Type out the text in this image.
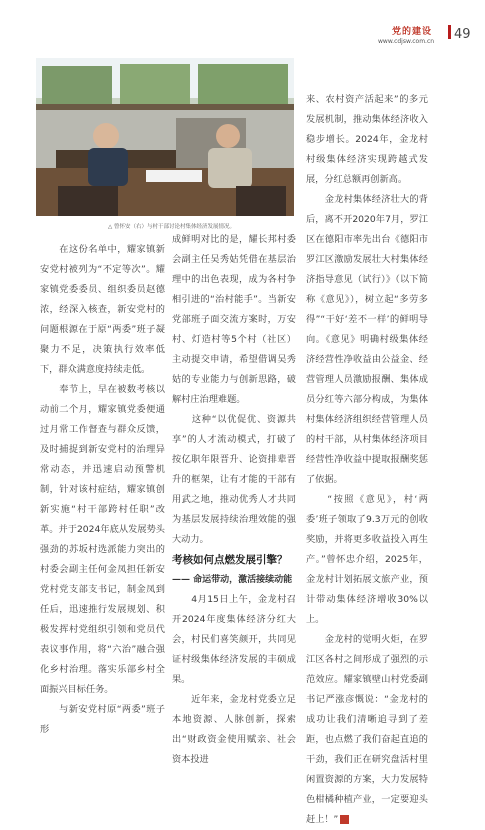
党的建设
www.cdjsw.com.cn 49
△ 曾怀安（右）与村干部讨论村集体经济发展情况。

　　在这份名单中，耀家镇新安党村被列为“不定等次”。耀家镇党委委员、组织委员赵德浓，经深入核查，新安党村的问题根源在于原“两委”班子凝聚力不足，决策执行效率低下，群众满意度持续走低。

　　奉节上，早在被数考核以动前二个月，耀家镇党委便通过月常工作督查与群众反馈，及时捕捉到新安党村的治理异常动态，并迅速启动预警机制，针对该村症结，耀家镇创新实施“村干部跨村任职”改革。并于2024年底从发展势头强劲的苏坂村选派能力突出的村委会副主任何金凤担任新安党村党支部支书记，制金凤到任后，迅速推行发展规划、积极发挥村党组织引领和党员代表议事作用，将“六治”融合强化乡村治理。落实乐部乡村全面振兴目标任务。

　　与新安党村原“两委”班子形

成鲜明对比的是，耀长邦村委会副主任吴秀姑凭借在基层治理中的出色表现，成为各村争相引进的“治村能手”。当新安党部班子面交流方案时，万安村、灯造村等5个村（社区）主动提交申请，希望借调吴秀姑的专业能力与创新思路，破解村庄治理难题。

　　这种“以优促优、资源共享”的人才流动模式，打破了按亿职年限晋升、论资排辈晋升的框架，让有才能的干部有用武之地，推动优秀人才共同为基层发展持续治理效能的强大动力。

考核如何点燃发展引擎？

—— 命运带动，激活接续动能

　　4月15日上午，金龙村召开2024年度集体经济分红大会，村民们喜笑颜开，共同见证村级集体经济发展的丰硕成果。

　　近年来，金龙村党委立足本地资源、人脉创新，探索出“财政资金使用赋亲、社会资本投进

来、农村资产活起来”的多元发展机制，推动集体经济收入稳步增长。2024年，金龙村村级集体经济实现跨越式发展，分红总额再创新高。

　　金龙村集体经济壮大的背后，离不开2020年7月，罗江区在德阳市率先出台《德阳市罗江区激励发展壮大村集体经济指导意见（试行）》（以下简称《意见》），树立起“多劳多得”“干好‘差不一样’的鲜明导向。《意见》明确村级集体经济经营性净收益由公益金、经营管理人员激励报酬、集体成员分红等六部分构成，为集体村集体经济组织经营管理人员的村干部，从村集体经济项目经营性净收益中提取报酬奖惩了依据。

　　“按照《意见》，村‘两委’班子领取了9.3万元的创收奖励，并将更多收益投入再生产。”曾怀忠介绍，2025年，金龙村计划拓展文旅产业，预计带动集体经济增收30%以上。

　　金龙村的觉明火炬，在罗江区各村之间形成了强烈的示范效应。耀家镇壁山村党委副书记严涨彦慨说：“金龙村的成功让我们清晰追寻到了差距，也点燃了我们奋起直追的干劲，我们正在研究盘活村里闲置资源的方案，大力发展特色柑橘种植产业，一定要迎头赶上！”
